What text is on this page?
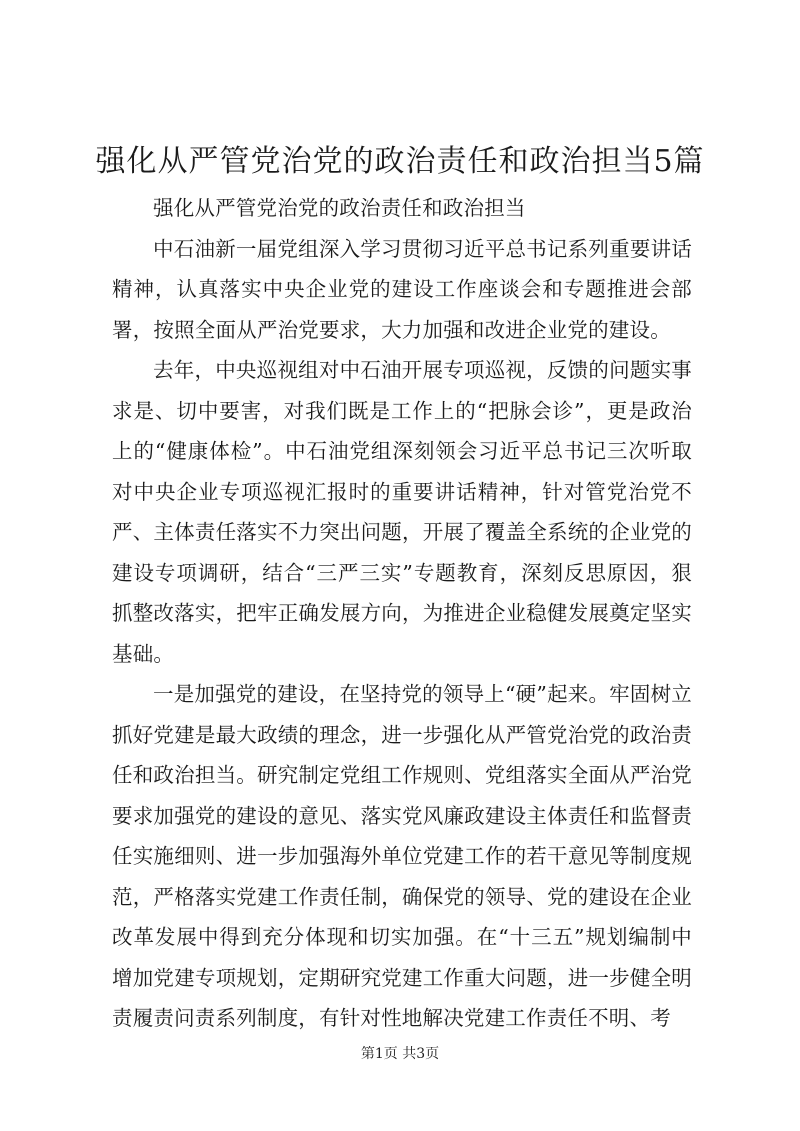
强化从严管党治党的政治责任和政治担当5篇

强化从严管党治党的政治责任和政治担当

中石油新一届党组深入学习贯彻习近平总书记系列重要讲话精神，认真落实中央企业党的建设工作座谈会和专题推进会部署，按照全面从严治党要求，大力加强和改进企业党的建设。

去年，中央巡视组对中石油开展专项巡视，反馈的问题实事求是、切中要害，对我们既是工作上的“把脉会诊”，更是政治上的“健康体检”。中石油党组深刻领会习近平总书记三次听取对中央企业专项巡视汇报时的重要讲话精神，针对管党治党不严、主体责任落实不力突出问题，开展了覆盖全系统的企业党的建设专项调研，结合“三严三实”专题教育，深刻反思原因，狠抓整改落实，把牢正确发展方向，为推进企业稳健发展奠定坚实基础。

一是加强党的建设，在坚持党的领导上“硬”起来。牢固树立抓好党建是最大政绩的理念，进一步强化从严管党治党的政治责任和政治担当。研究制定党组工作规则、党组落实全面从严治党要求加强党的建设的意见、落实党风廉政建设主体责任和监督责任实施细则、进一步加强海外单位党建工作的若干意见等制度规范，严格落实党建工作责任制，确保党的领导、党的建设在企业改革发展中得到充分体现和切实加强。在“十三五”规划编制中增加党建专项规划，定期研究党建工作重大问题，进一步健全明责履责问责系列制度，有针对性地解决党建工作责任不明、考

第1页 共3页
